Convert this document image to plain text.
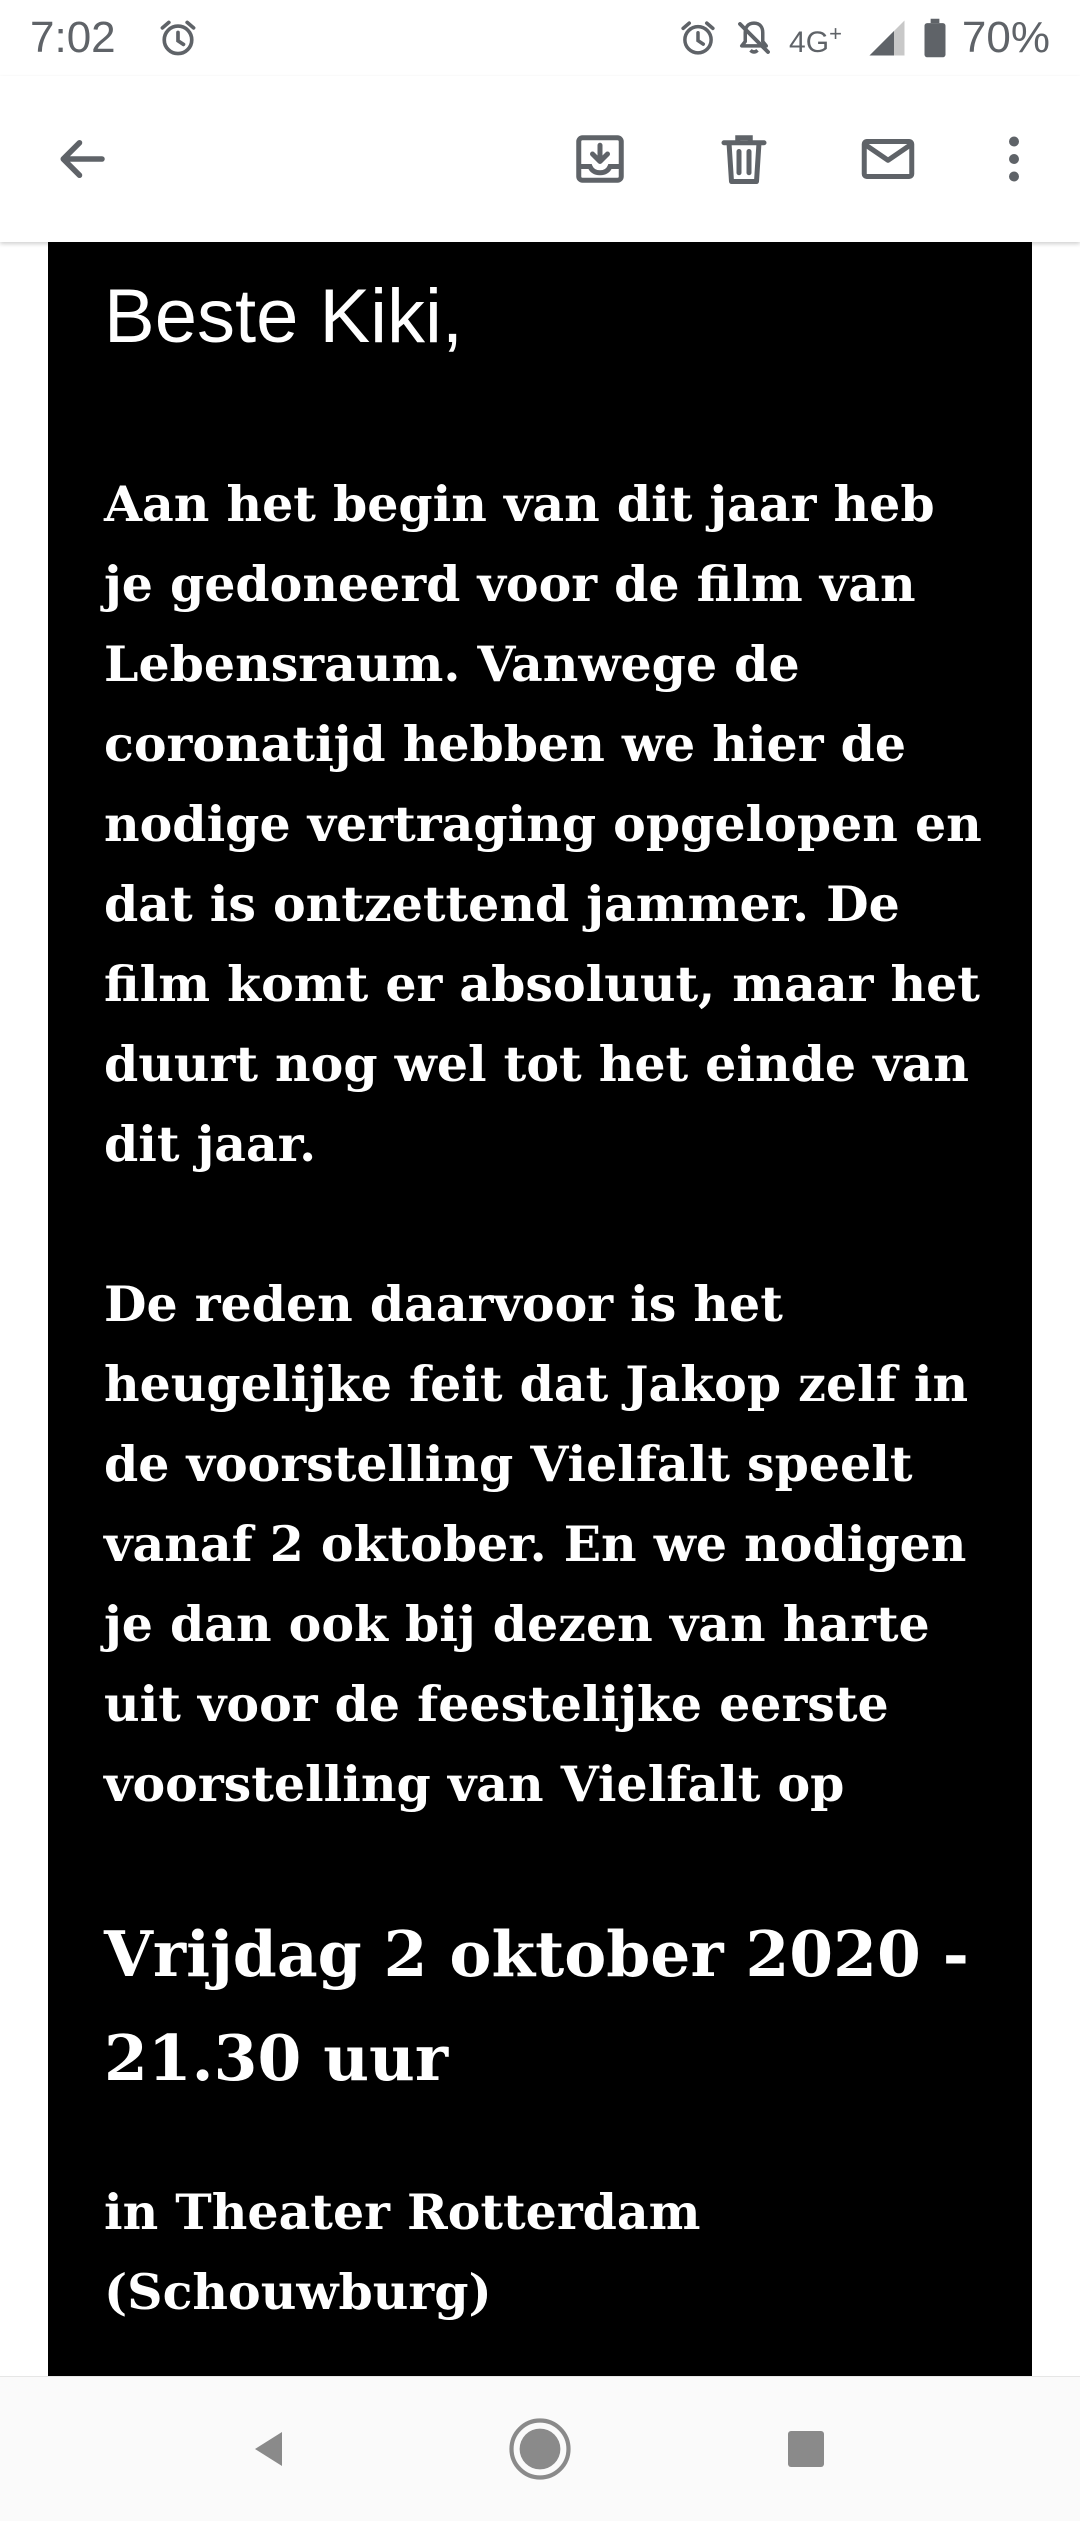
7:02	4G+	70%

Beste Kiki,

Aan het begin van dit jaar heb
je gedoneerd voor de film van
Lebensraum. Vanwege de
coronatijd hebben we hier de
nodige vertraging opgelopen en
dat is ontzettend jammer. De
film komt er absoluut, maar het
duurt nog wel tot het einde van
dit jaar.

De reden daarvoor is het
heugelijke feit dat Jakop zelf in
de voorstelling Vielfalt speelt
vanaf 2 oktober. En we nodigen
je dan ook bij dezen van harte
uit voor de feestelijke eerste
voorstelling van Vielfalt op

Vrijdag 2 oktober 2020 -
21.30 uur

in Theater Rotterdam
(Schouwburg)
